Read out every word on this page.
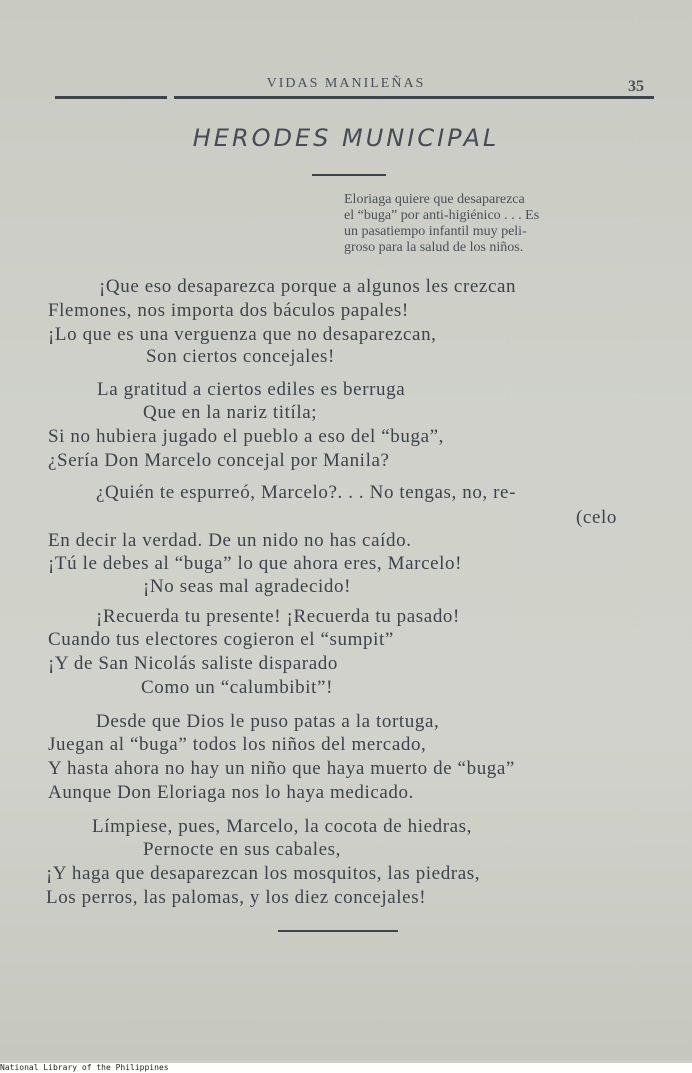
VIDAS MANILEÑAS	35
HERODES MUNICIPAL
Eloriaga quiere que desaparezca
el “buga” por anti-higiénico . . . Es
un pasatiempo infantil muy peli-
groso para la salud de los niños.
¡Que eso desaparezca porque a algunos les crezcan
Flemones, nos importa dos báculos papales!
¡Lo que es una verguenza que no desaparezcan,
Son ciertos concejales!
La gratitud a ciertos ediles es berruga
Que en la nariz titíla;
Si no hubiera jugado el pueblo a eso del “buga”,
¿Sería Don Marcelo concejal por Manila?
¿Quién te espurreó, Marcelo?. . . No tengas, no, re-
(celo
En decir la verdad. De un nido no has caído.
¡Tú le debes al “buga” lo que ahora eres, Marcelo!
¡No seas mal agradecido!
¡Recuerda tu presente! ¡Recuerda tu pasado!
Cuando tus electores cogieron el “sumpit”
¡Y de San Nicolás saliste disparado
Como un “calumbibit”!
Desde que Dios le puso patas a la tortuga,
Juegan al “buga” todos los niños del mercado,
Y hasta ahora no hay un niño que haya muerto de “buga”
Aunque Don Eloriaga nos lo haya medicado.
Límpiese, pues, Marcelo, la cocota de hiedras,
Pernocte en sus cabales,
¡Y haga que desaparezcan los mosquitos, las piedras,
Los perros, las palomas, y los diez concejales!
National Library of the Philippines
